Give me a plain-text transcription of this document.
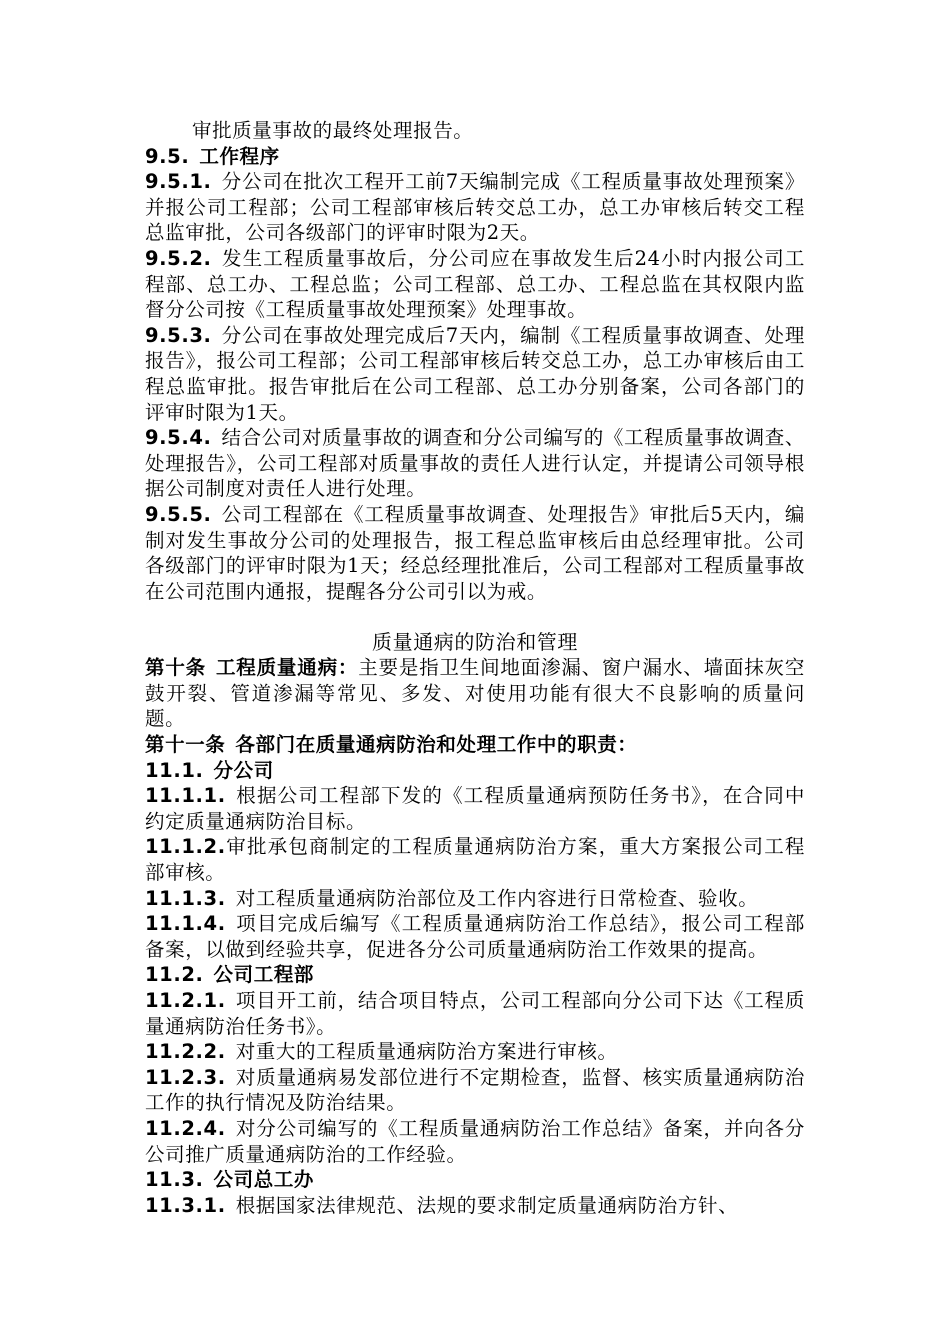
审批质量事故的最终处理报告。

9.5. 工作程序

9.5.1. 分公司在批次工程开工前7天编制完成《工程质量事故处理预案》并报公司工程部；公司工程部审核后转交总工办，总工办审核后转交工程总监审批，公司各级部门的评审时限为2天。

9.5.2. 发生工程质量事故后，分公司应在事故发生后24小时内报公司工程部、总工办、工程总监；公司工程部、总工办、工程总监在其权限内监督分公司按《工程质量事故处理预案》处理事故。

9.5.3. 分公司在事故处理完成后7天内，编制《工程质量事故调查、处理报告》，报公司工程部；公司工程部审核后转交总工办，总工办审核后由工程总监审批。报告审批后在公司工程部、总工办分别备案，公司各部门的评审时限为1天。

9.5.4. 结合公司对质量事故的调查和分公司编写的《工程质量事故调查、处理报告》，公司工程部对质量事故的责任人进行认定，并提请公司领导根据公司制度对责任人进行处理。

9.5.5. 公司工程部在《工程质量事故调查、处理报告》审批后5天内，编制对发生事故分公司的处理报告，报工程总监审核后由总经理审批。公司各级部门的评审时限为1天；经总经理批准后，公司工程部对工程质量事故在公司范围内通报，提醒各分公司引以为戒。

质量通病的防治和管理

第十条 工程质量通病：主要是指卫生间地面渗漏、窗户漏水、墙面抹灰空鼓开裂、管道渗漏等常见、多发、对使用功能有很大不良影响的质量问题。

第十一条 各部门在质量通病防治和处理工作中的职责：

11.1. 分公司

11.1.1. 根据公司工程部下发的《工程质量通病预防任务书》，在合同中约定质量通病防治目标。

11.1.2.审批承包商制定的工程质量通病防治方案，重大方案报公司工程部审核。

11.1.3. 对工程质量通病防治部位及工作内容进行日常检查、验收。

11.1.4. 项目完成后编写《工程质量通病防治工作总结》，报公司工程部备案，以做到经验共享，促进各分公司质量通病防治工作效果的提高。

11.2. 公司工程部

11.2.1. 项目开工前，结合项目特点，公司工程部向分公司下达《工程质量通病防治任务书》。

11.2.2. 对重大的工程质量通病防治方案进行审核。

11.2.3. 对质量通病易发部位进行不定期检查，监督、核实质量通病防治工作的执行情况及防治结果。

11.2.4. 对分公司编写的《工程质量通病防治工作总结》备案，并向各分公司推广质量通病防治的工作经验。

11.3. 公司总工办

11.3.1. 根据国家法律规范、法规的要求制定质量通病防治方针、
